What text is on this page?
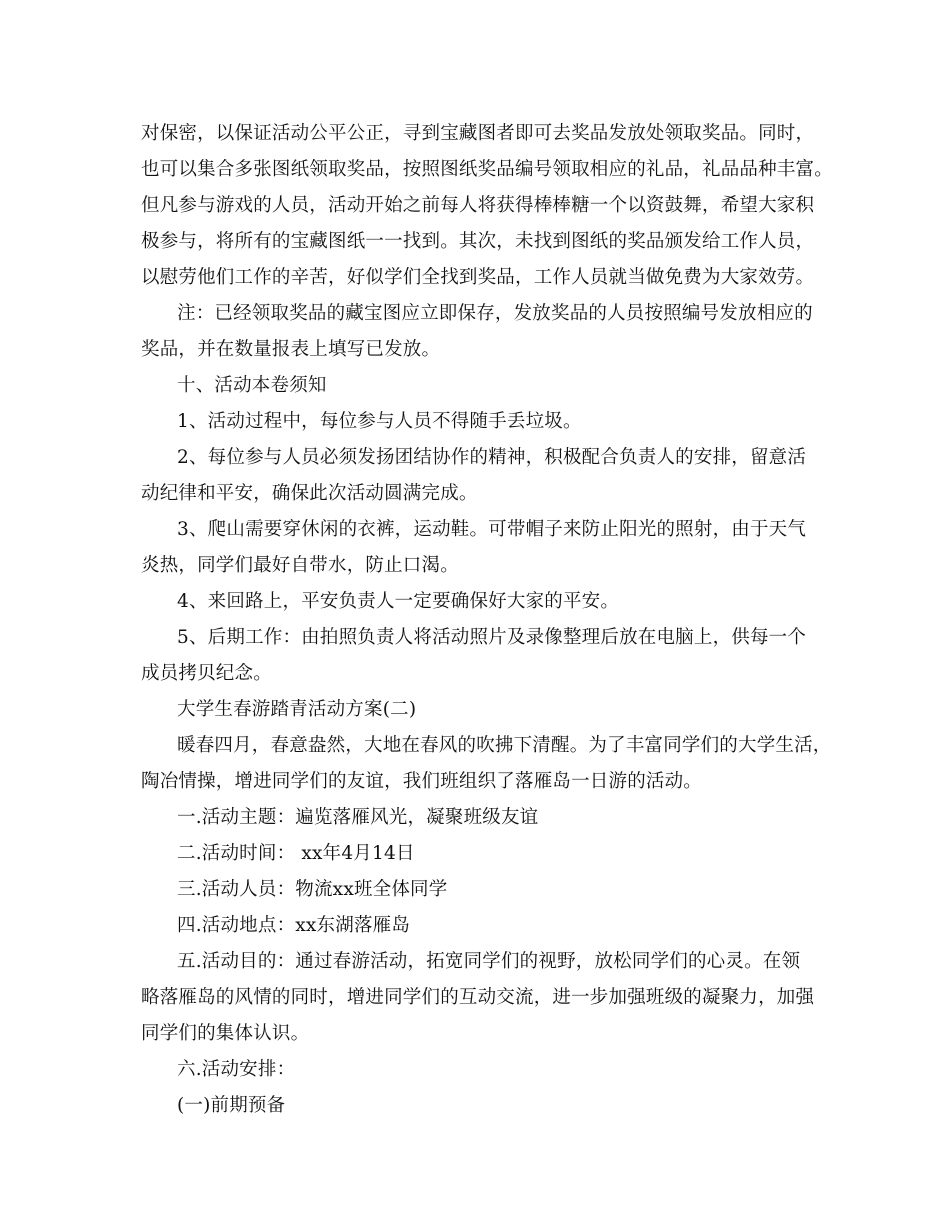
对保密，以保证活动公平公正，寻到宝藏图者即可去奖品发放处领取奖品。同时，
也可以集合多张图纸领取奖品，按照图纸奖品编号领取相应的礼品，礼品品种丰富。
但凡参与游戏的人员，活动开始之前每人将获得棒棒糖一个以资鼓舞，希望大家积
极参与，将所有的宝藏图纸一一找到。其次，未找到图纸的奖品颁发给工作人员，
以慰劳他们工作的辛苦，好似学们全找到奖品，工作人员就当做免费为大家效劳。
注：已经领取奖品的藏宝图应立即保存，发放奖品的人员按照编号发放相应的
奖品，并在数量报表上填写已发放。
十、活动本卷须知
1、活动过程中，每位参与人员不得随手丢垃圾。
2、每位参与人员必须发扬团结协作的精神，积极配合负责人的安排，留意活
动纪律和平安，确保此次活动圆满完成。
3、爬山需要穿休闲的衣裤，运动鞋。可带帽子来防止阳光的照射，由于天气
炎热，同学们最好自带水，防止口渴。
4、来回路上，平安负责人一定要确保好大家的平安。
5、后期工作：由拍照负责人将活动照片及录像整理后放在电脑上，供每一个
成员拷贝纪念。
大学生春游踏青活动方案(二)
暖春四月，春意盎然，大地在春风的吹拂下清醒。为了丰富同学们的大学生活，
陶冶情操，增进同学们的友谊，我们班组织了落雁岛一日游的活动。
一.活动主题：遍览落雁风光，凝聚班级友谊
二.活动时间： xx年4月14日
三.活动人员：物流xx班全体同学
四.活动地点：xx东湖落雁岛
五.活动目的：通过春游活动，拓宽同学们的视野，放松同学们的心灵。在领
略落雁岛的风情的同时，增进同学们的互动交流，进一步加强班级的凝聚力，加强
同学们的集体认识。
六.活动安排：
(一)前期预备
